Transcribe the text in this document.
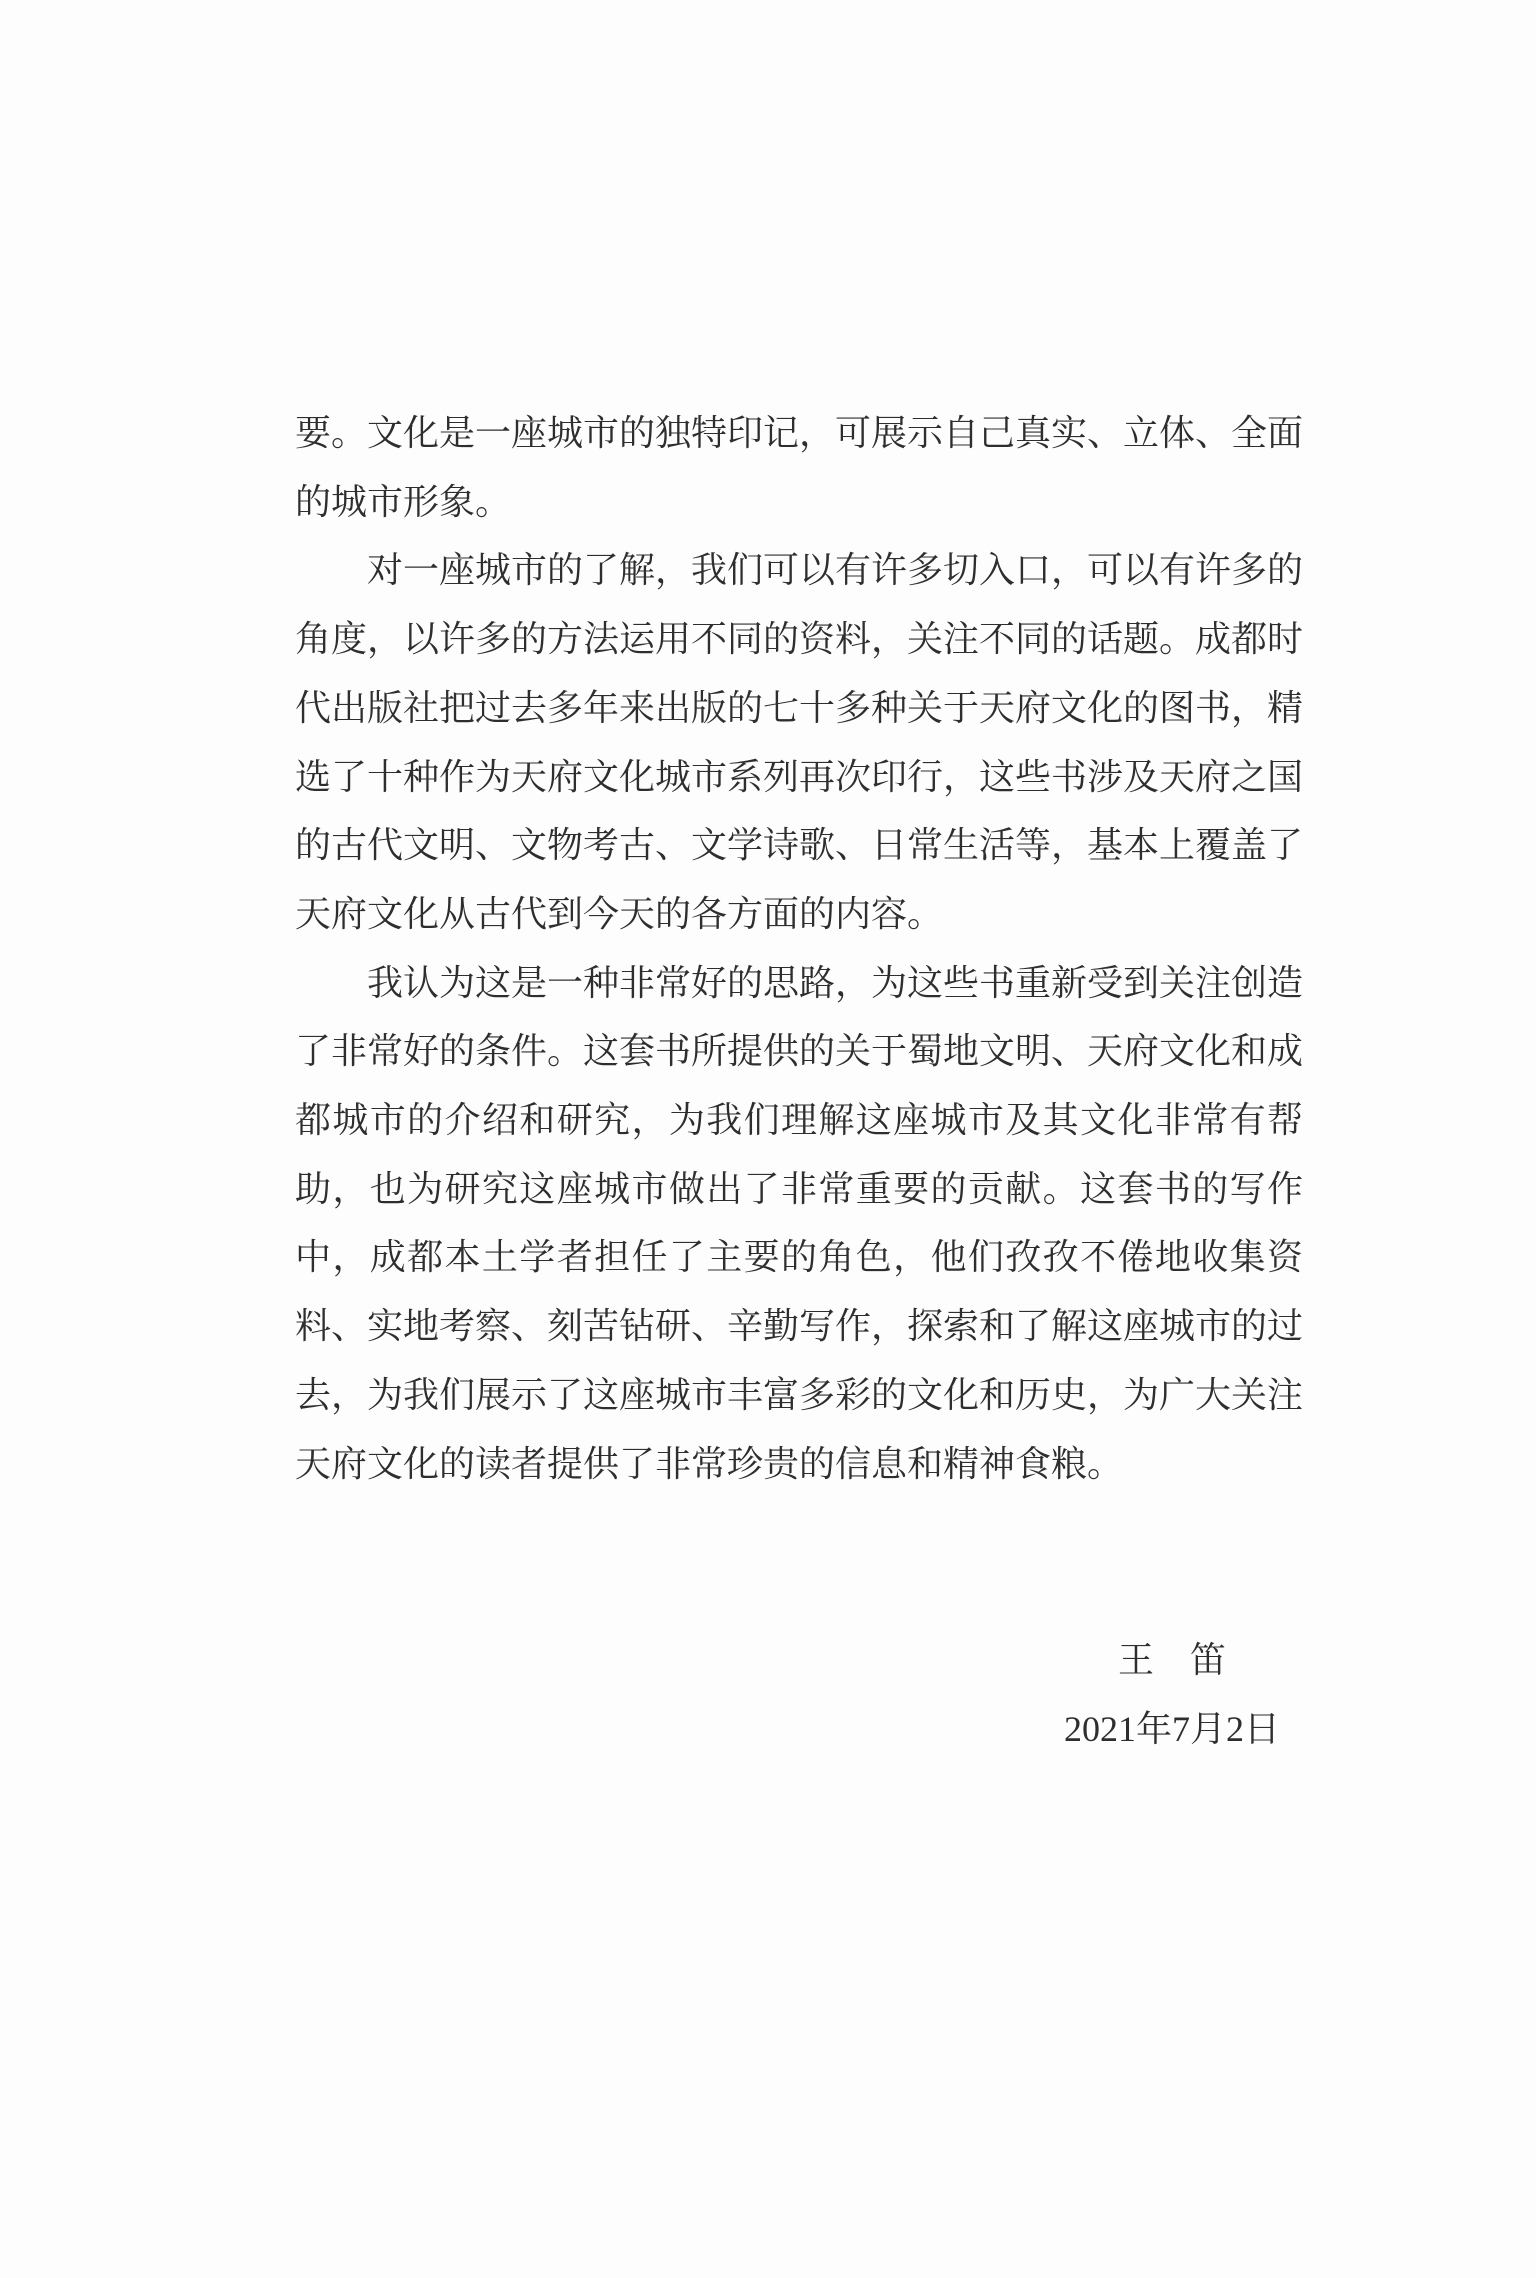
要。文化是一座城市的独特印记，可展示自己真实、立体、全面的城市形象。

对一座城市的了解，我们可以有许多切入口，可以有许多的角度，以许多的方法运用不同的资料，关注不同的话题。成都时代出版社把过去多年来出版的七十多种关于天府文化的图书，精选了十种作为天府文化城市系列再次印行，这些书涉及天府之国的古代文明、文物考古、文学诗歌、日常生活等，基本上覆盖了天府文化从古代到今天的各方面的内容。

我认为这是一种非常好的思路，为这些书重新受到关注创造了非常好的条件。这套书所提供的关于蜀地文明、天府文化和成都城市的介绍和研究，为我们理解这座城市及其文化非常有帮助，也为研究这座城市做出了非常重要的贡献。这套书的写作中，成都本土学者担任了主要的角色，他们孜孜不倦地收集资料、实地考察、刻苦钻研、辛勤写作，探索和了解这座城市的过去，为我们展示了这座城市丰富多彩的文化和历史，为广大关注天府文化的读者提供了非常珍贵的信息和精神食粮。

王　笛
2021年7月2日
